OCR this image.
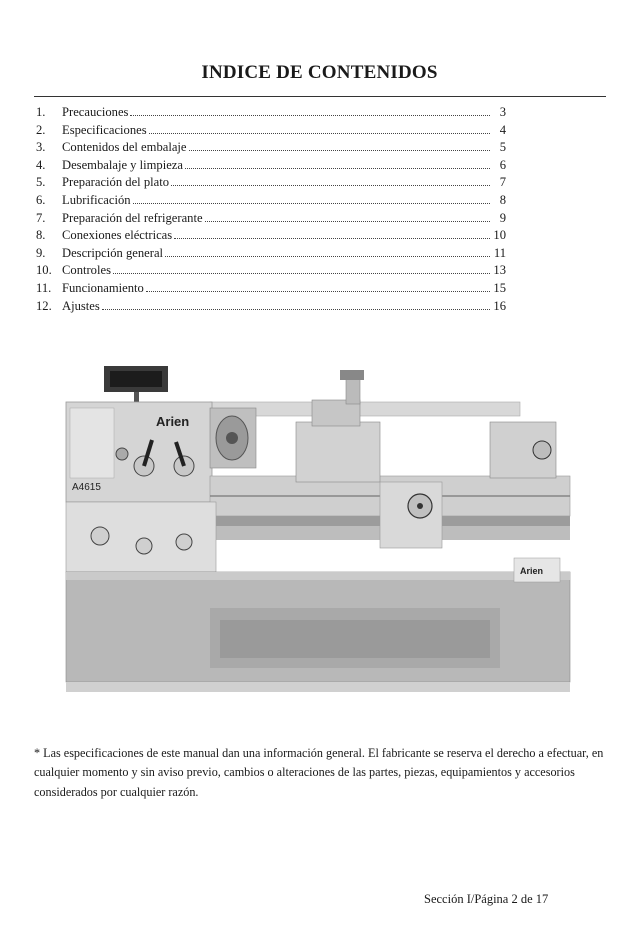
INDICE DE CONTENIDOS
1.	Precauciones	3
2.	Especificaciones	4
3.	Contenidos del embalaje	5
4.	Desembalaje y limpieza	6
5.	Preparación del plato	7
6.	Lubrificación	8
7.	Preparación del refrigerante	9
8.	Conexiones eléctricas	10
9.	Descripción general	11
10. Controles	13
11. Funcionamiento	15
12. Ajustes	16
A4615
Arien
Arien
* Las especificaciones de este manual dan una información general. El fabricante se reserva el derecho a efectuar, en cualquier momento y sin aviso previo, cambios o alteraciones de las partes, piezas, equipamientos y accesorios considerados por cualquier razón.
Sección I/Página 2 de 17
